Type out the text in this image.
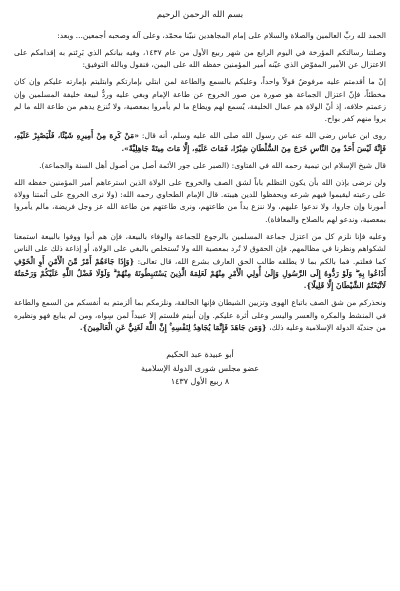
بسم الله الرحمن الرحيم

الحمد لله ربِّ العالمين والصلاة والسلام على إمام المجاهدين نبيّنا محمّد، وعلى آله وصحبه أجمعين... وبعد:

وصلتنا رسالتكم المؤرخة في اليوم الرابع من شهر ربيع الأول من عام ١٤٣٧، وفيه بيانكم الذي بَرِئتم به إقدامكم على الاعتزال عن الأمير المفوّض الذي عيّنه أمير المؤمنين حفظه الله على اليمن، فنقول وبالله التوفيق:

إنّ ما أقدمتم عليه مرفوضٌ قولاً واحداً، وعليكم بالسمع والطاعة لمن ابتلي بإمارتكم وابتليتم بإمارته عليكم وإن كان مخطئاً، فإنّ اعتزال الجماعة هو صورة من صور الخروج عن طاعة الإمام وبغي عليه وردٌّ لبيعة خليفة المسلمين وإن زعمتم خلافه، إذ أنّ الولاة هم عمال الخليفة، يُسمع لهم ويطاع ما لم يأمروا بمعصية، ولا تُنزع يدهم من طاعة الله ما لم يروا منهم كفر بواح.

روى ابن عباس رضي الله عنه عن رسول الله صلى الله عليه وسلم، أنه قال: «مَنْ كَرِهَ مِنْ أَمِيرِهِ شَيْئًا، فَلْيَصْبِرْ عَلَيْهِ، فَإِنَّهُ لَيْسَ أَحَدٌ مِنَ النَّاسِ خَرَجَ مِنَ السُّلْطَانِ شِبْرًا، فَمَاتَ عَلَيْهِ، إِلَّا مَاتَ مِيتَةً جَاهِلِيَّةً».

قال شيخ الإسلام ابن تيمية رحمه الله في الفتاوى: (الصبر على جور الأئمة أصل من أصول أهل السنة والجماعة).

ولن نرضى بإذن الله بأن يكون التظلم باباً لشق الصف والخروج على الولاة الذين استرعاهم أمير المؤمنين حفظه الله على رعيته ليقيموا فيهم شرعه ويحفظوا للدين هيبته. قال الإمام الطحاوي رحمه الله: (ولا نرى الخروج على أئمتنا وولاة أمورنا وإن جاروا، ولا ندعوا عليهم، ولا ننزع يداً من طاعتهم، ونرى طاعتهم من طاعة الله عز وجل فريضة، مالم يأمروا بمعصية، وندعو لهم بالصلاح والمعافاة).

وعليه فإنا نلزم كل من اعتزل جماعة المسلمين بالرجوع للجماعة والوفاء بالبيعة، فإن هم أبوا ووفوا بالبيعة استمعنا لشكواهم ونظرنا في مظالمهم. فإن الحقوق لا تُرد بمعصية الله ولا تُستخلص بالبغي على الولاة، أو إذاعة ذلك على الناس كما فعلتم. فما بالكم بما لا يطلقه طالب الحق العارف بشرع الله، قال تعالى: {وَإِذَا جَاءَهُمْ أَمْرٌ مِّنَ الْأَمْنِ أَوِ الْخَوْفِ أَذَاعُوا بِهِ ۖ وَلَوْ رَدُّوهُ إِلَى الرَّسُولِ وَإِلَىٰ أُولِي الْأَمْرِ مِنْهُمْ لَعَلِمَهُ الَّذِينَ يَسْتَنبِطُونَهُ مِنْهُمْ ۗ وَلَوْلَا فَضْلُ اللَّهِ عَلَيْكُمْ وَرَحْمَتُهُ لَاتَّبَعْتُمُ الشَّيْطَانَ إِلَّا قَلِيلًا}.

ونحذركم من شق الصف باتباع الهوى وتزيين الشيطان فإنها الحالقة، ونلزمكم بما ألزمتم به أنفسكم من السمع والطاعة في المنشط والمكره والعسر واليسر وعلى أثرة عليكم. وإن أبيتم فلستم إلا عبيداً لمن سِواه، ومن لم يبايع فهو ونظيره من جنديّة الدولة الإسلامية وعليه ذلك، {وَمَن جَاهَدَ فَإِنَّمَا يُجَاهِدُ لِنَفْسِهِ ۚ إِنَّ اللَّهَ لَغَنِيٌّ عَنِ الْعَالَمِينَ}.

أبو عبيدة عبد الحكيم
عضو مجلس شورى الدولة الإسلامية
٨ ربيع الأول ١٤٣٧
